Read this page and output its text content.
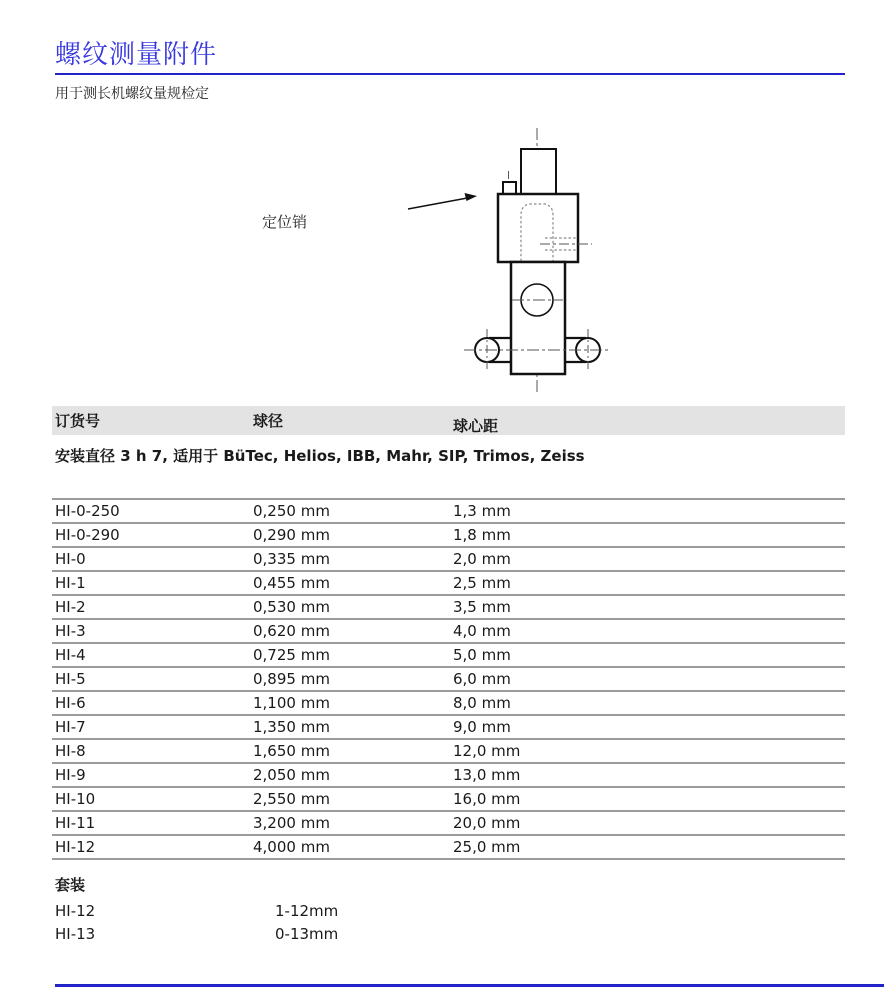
螺纹测量附件
用于测长机螺纹量规检定
定位销
订货号	球径	球心距
安装直径 3 h 7, 适用于 BüTec, Helios, IBB, Mahr, SIP, Trimos, Zeiss
HI-0-250	0,250 mm	1,3 mm
HI-0-290	0,290 mm	1,8 mm
HI-0	0,335 mm	2,0 mm
HI-1	0,455 mm	2,5 mm
HI-2	0,530 mm	3,5 mm
HI-3	0,620 mm	4,0 mm
HI-4	0,725 mm	5,0 mm
HI-5	0,895 mm	6,0 mm
HI-6	1,100 mm	8,0 mm
HI-7	1,350 mm	9,0 mm
HI-8	1,650 mm	12,0 mm
HI-9	2,050 mm	13,0 mm
HI-10	2,550 mm	16,0 mm
HI-11	3,200 mm	20,0 mm
HI-12	4,000 mm	25,0 mm
套装
HI-12	1-12mm
HI-13	0-13mm
